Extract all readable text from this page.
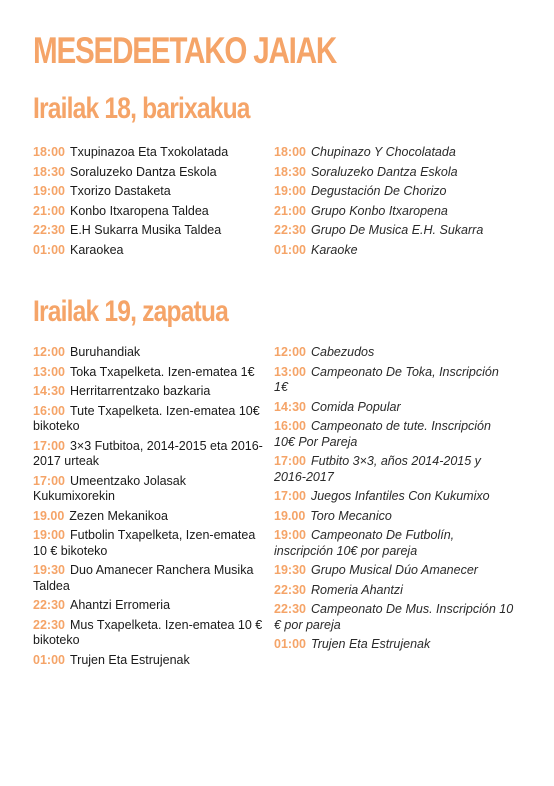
MESEDEETAKO JAIAK
Irailak 18, barixakua
18:00 Txupinazoa Eta Txokolatada
18:30 Soraluzeko Dantza Eskola
19:00 Txorizo Dastaketa
21:00 Konbo Itxaropena Taldea
22:30 E.H Sukarra Musika Taldea
01:00 Karaokea
18:00 Chupinazo Y Chocolatada
18:30 Soraluzeko Dantza Eskola
19:00 Degustación De Chorizo
21:00 Grupo Konbo Itxaropena
22:30 Grupo De Musica E.H. Sukarra
01:00 Karaoke
Irailak 19, zapatua
12:00 Buruhandiak
13:00 Toka Txapelketa. Izen-ematea 1€
14:30 Herritarrentzako bazkaria
16:00 Tute Txapelketa. Izen-ematea 10€ bikoteko
17:00 3×3 Futbitoa, 2014-2015 eta 2016-2017 urteak
17:00 Umeentzako Jolasak Kukumixorekin
19.00 Zezen Mekanikoa
19:00 Futbolin Txapelketa, Izen-ematea 10 € bikoteko
19:30 Duo Amanecer Ranchera Musika Taldea
22:30 Ahantzi Erromeria
22:30 Mus Txapelketa. Izen-ematea 10 € bikoteko
01:00 Trujen Eta Estrujenak
12:00 Cabezudos
13:00 Campeonato De Toka, Inscripción 1€
14:30 Comida Popular
16:00 Campeonato de tute. Inscripción 10€ Por Pareja
17:00 Futbito 3×3, años 2014-2015 y 2016-2017
17:00 Juegos Infantiles Con Kukumixo
19.00 Toro Mecanico
19:00 Campeonato De Futbolín, inscripción 10€ por pareja
19:30 Grupo Musical Dúo Amanecer
22:30 Romeria Ahantzi
22:30 Campeonato De Mus. Inscripción 10 € por pareja
01:00 Trujen Eta Estrujenak
